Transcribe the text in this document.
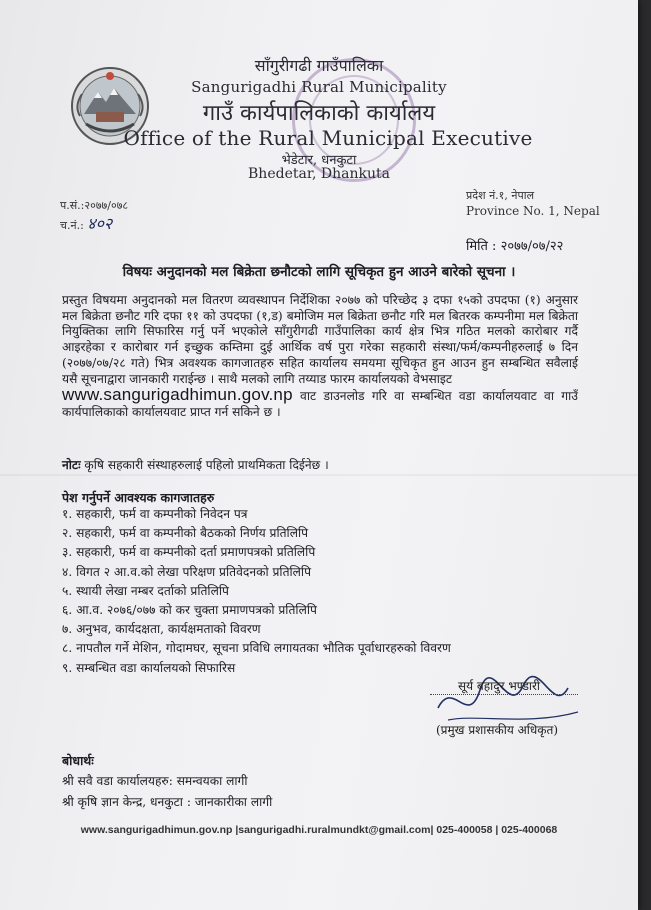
साँगुरीगढी गाउँपालिका
Sangurigadhi Rural Municipality
गाउँ कार्यपालिकाको कार्यालय
Office of the Rural Municipal Executive
भेडेटार, धनकुटा
Bhedetar, Dhankuta
प.सं.:२०७७/०७८
च.नं.: ४०२
प्रदेश नं.१, नेपाल
Province No. 1, Nepal
मिति : २०७७/०७/२२
विषयः अनुदानको मल बिक्रेता छनौटको लागि सूचिकृत हुन आउने बारेको सूचना ।
प्रस्तुत विषयमा अनुदानको मल वितरण व्यवस्थापन निर्देशिका २०७७ को परिच्छेद ३ दफा १५को उपदफा (१) अनुसार मल बिक्रेता छनौट गरि दफा ११ को उपदफा (१,ड) बमोजिम मल बिक्रेता छनौट गरि मल बितरक कम्पनीमा मल बिक्रेता नियुक्तिका लागि सिफारिस गर्नु पर्ने भएकोले साँगुरीगढी गाउँपालिका कार्य क्षेत्र भित्र गठित मलको कारोबार गर्दै आइरहेका र कारोबार गर्न इच्छुक कम्तिमा दुई आर्थिक वर्ष पुरा गरेका सहकारी संस्था/फर्म/कम्पनीहरुलाई ७ दिन (२०७७/०७/२८ गते) भित्र अवश्यक कागजातहरु सहित कार्यालय समयमा सूचिकृत हुन आउन हुन सम्बन्धित सवैलाई यसै सूचनाद्वारा जानकारी गराईन्छ । साथै मलको लागि तय्याड फारम कार्यालयको वेभसाइट
www.sangurigadhimun.gov.np वाट डाउनलोड गरि वा सम्बन्धित वडा कार्यालयवाट वा गाउँ कार्यपालिकाको कार्यालयवाट प्राप्त गर्न सकिने छ ।
नोटः कृषि सहकारी संस्थाहरुलाई पहिलो प्राथमिकता दिईनेछ ।
पेश गर्नुपर्ने आवश्यक कागजातहरु
१. सहकारी, फर्म वा कम्पनीको निवेदन पत्र
२. सहकारी, फर्म वा कम्पनीको बैठकको निर्णय प्रतिलिपि
३. सहकारी, फर्म वा कम्पनीको दर्ता प्रमाणपत्रको प्रतिलिपि
४. विगत २ आ.व.को लेखा परिक्षण प्रतिवेदनको प्रतिलिपि
५. स्थायी लेखा नम्बर दर्ताको प्रतिलिपि
६. आ.व. २०७६/०७७ को कर चुक्ता प्रमाणपत्रको प्रतिलिपि
७. अनुभव, कार्यदक्षता, कार्यक्षमताको विवरण
८. नापतौल गर्ने मेशिन, गोदामघर, सूचना प्रविधि लगायतका भौतिक पूर्वाधारहरुको विवरण
९. सम्बन्धित वडा कार्यालयको सिफारिस
सूर्य बहादुर भण्डारी
(प्रमुख प्रशासकीय अधिकृत)
बोधार्थः
श्री सवै वडा कार्यालयहरु: समन्वयका लागी
श्री कृषि ज्ञान केन्द्र, धनकुटा : जानकारीका लागी
www.sangurigadhimun.gov.np |sangurigadhi.ruralmundkt@gmail.com| 025-400058 | 025-400068
